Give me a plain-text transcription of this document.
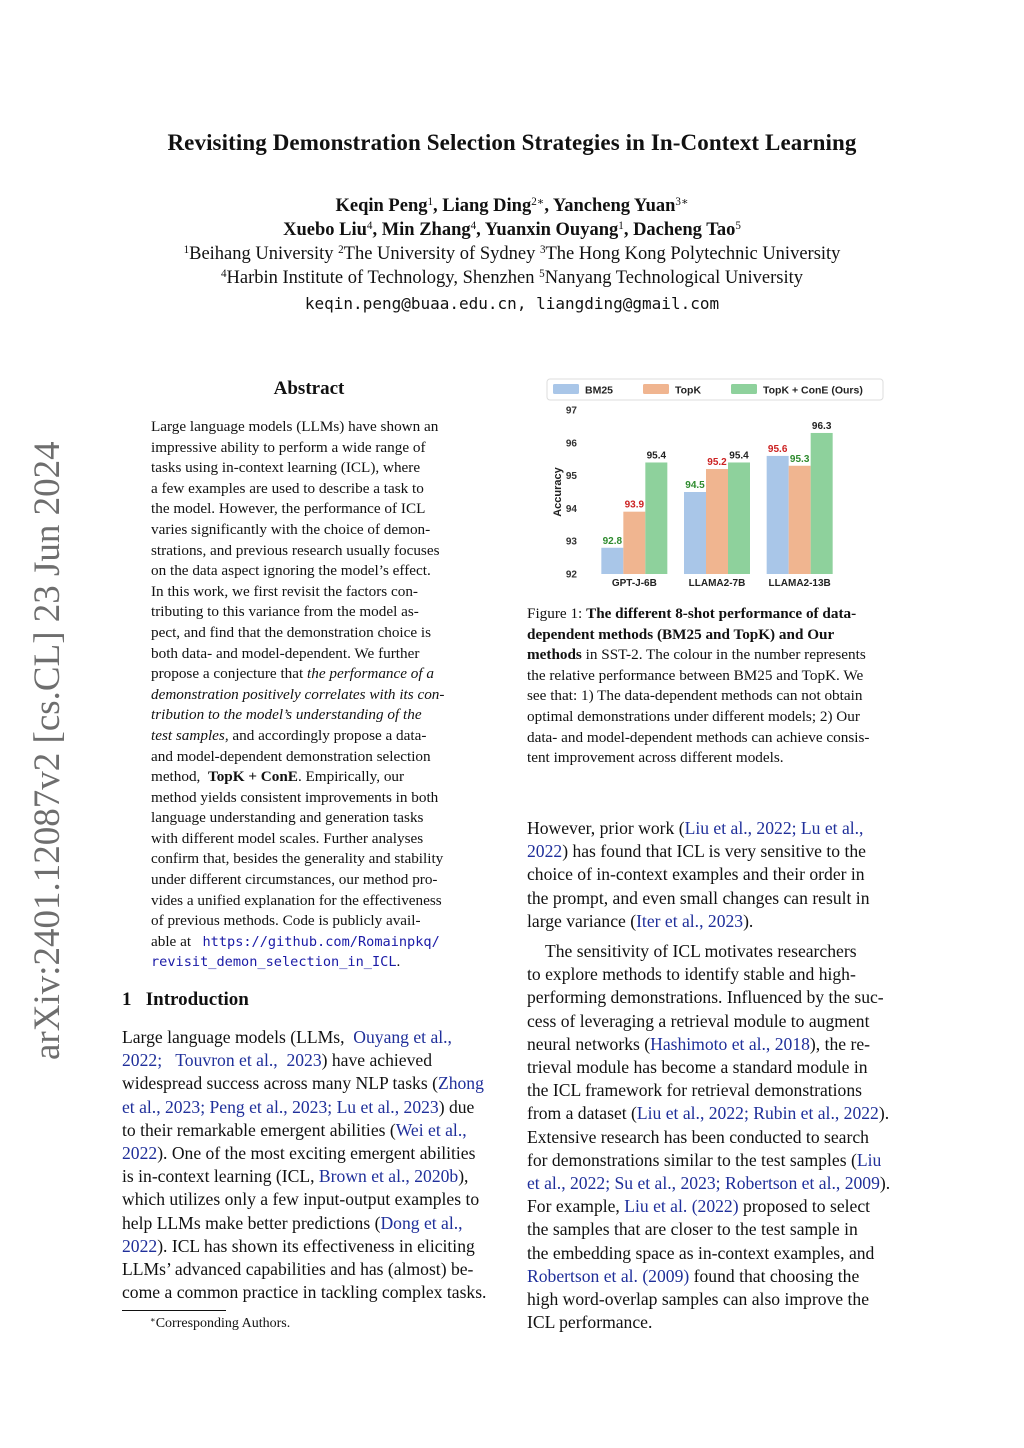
arXiv:2401.12087v2 [cs.CL] 23 Jun 2024
Revisiting Demonstration Selection Strategies in In-Context Learning
Keqin Peng$^1$, Liang Ding$^{2∗}$, Yancheng Yuan$^{3∗}$
Xuebo Liu$^4$, Min Zhang$^4$, Yuanxin Ouyang$^1$, Dacheng Tao$^5$
$^1$Beihang University $^2$The University of Sydney $^3$The Hong Kong Polytechnic University
$^4$Harbin Institute of Technology, Shenzhen $^5$Nanyang Technological University
keqin.peng@buaa.edu.cn, liangding@gmail.com
Abstract
Large language models (LLMs) have shown an
impressive ability to perform a wide range of
tasks using in-context learning (ICL), where
a few examples are used to describe a task to
the model. However, the performance of ICL
varies significantly with the choice of demon-
strations, and previous research usually focuses
on the data aspect ignoring the model’s effect.
In this work, we first revisit the factors con-
tributing to this variance from the model as-
pect, and find that the demonstration choice is
both data- and model-dependent. We further
propose a conjecture that the performance of a
demonstration positively correlates with its con-
tribution to the model’s understanding of the
test samples, and accordingly propose a data-
and model-dependent demonstration selection
method, TopK + ConE. Empirically, our
method yields consistent improvements in both
language understanding and generation tasks
with different model scales. Further analyses
confirm that, besides the generality and stability
under different circumstances, our method pro-
vides a unified explanation for the effectiveness
of previous methods. Code is publicly avail-
able at https://github.com/Romainpkq/
revisit_demon_selection_in_ICL.
1 Introduction
Large language models (LLMs, Ouyang et al.,
2022; Touvron et al., 2023) have achieved
widespread success across many NLP tasks (Zhong
et al., 2023; Peng et al., 2023; Lu et al., 2023) due
to their remarkable emergent abilities (Wei et al.,
2022). One of the most exciting emergent abilities
is in-context learning (ICL, Brown et al., 2020b),
which utilizes only a few input-output examples to
help LLMs make better predictions (Dong et al.,
2022). ICL has shown its effectiveness in eliciting
LLMs’ advanced capabilities and has (almost) be-
come a common practice in tackling complex tasks.
∗Corresponding Authors.
BM25	TopK	TopK + ConE (Ours)
92
93
94
95
96
97
Accuracy
92.8
93.9
95.4
94.5
95.2
95.4
95.6
95.3
96.3
GPT-J-6B	LLAMA2-7B LLAMA2-13B
Figure 1: The different 8-shot performance of data-
dependent methods (BM25 and TopK) and Our
methods in SST-2. The colour in the number represents
the relative performance between BM25 and TopK. We
see that: 1) The data-dependent methods can not obtain
optimal demonstrations under different models; 2) Our
data- and model-dependent methods can achieve consis-
tent improvement across different models.
However, prior work (Liu et al., 2022; Lu et al.,
2022) has found that ICL is very sensitive to the
choice of in-context examples and their order in
the prompt, and even small changes can result in
large variance (Iter et al., 2023).
The sensitivity of ICL motivates researchers
to explore methods to identify stable and high-
performing demonstrations. Influenced by the suc-
cess of leveraging a retrieval module to augment
neural networks (Hashimoto et al., 2018), the re-
trieval module has become a standard module in
the ICL framework for retrieval demonstrations
from a dataset (Liu et al., 2022; Rubin et al., 2022).
Extensive research has been conducted to search
for demonstrations similar to the test samples (Liu
et al., 2022; Su et al., 2023; Robertson et al., 2009).
For example, Liu et al. (2022) proposed to select
the samples that are closer to the test sample in
the embedding space as in-context examples, and
Robertson et al. (2009) found that choosing the
high word-overlap samples can also improve the
ICL performance.
